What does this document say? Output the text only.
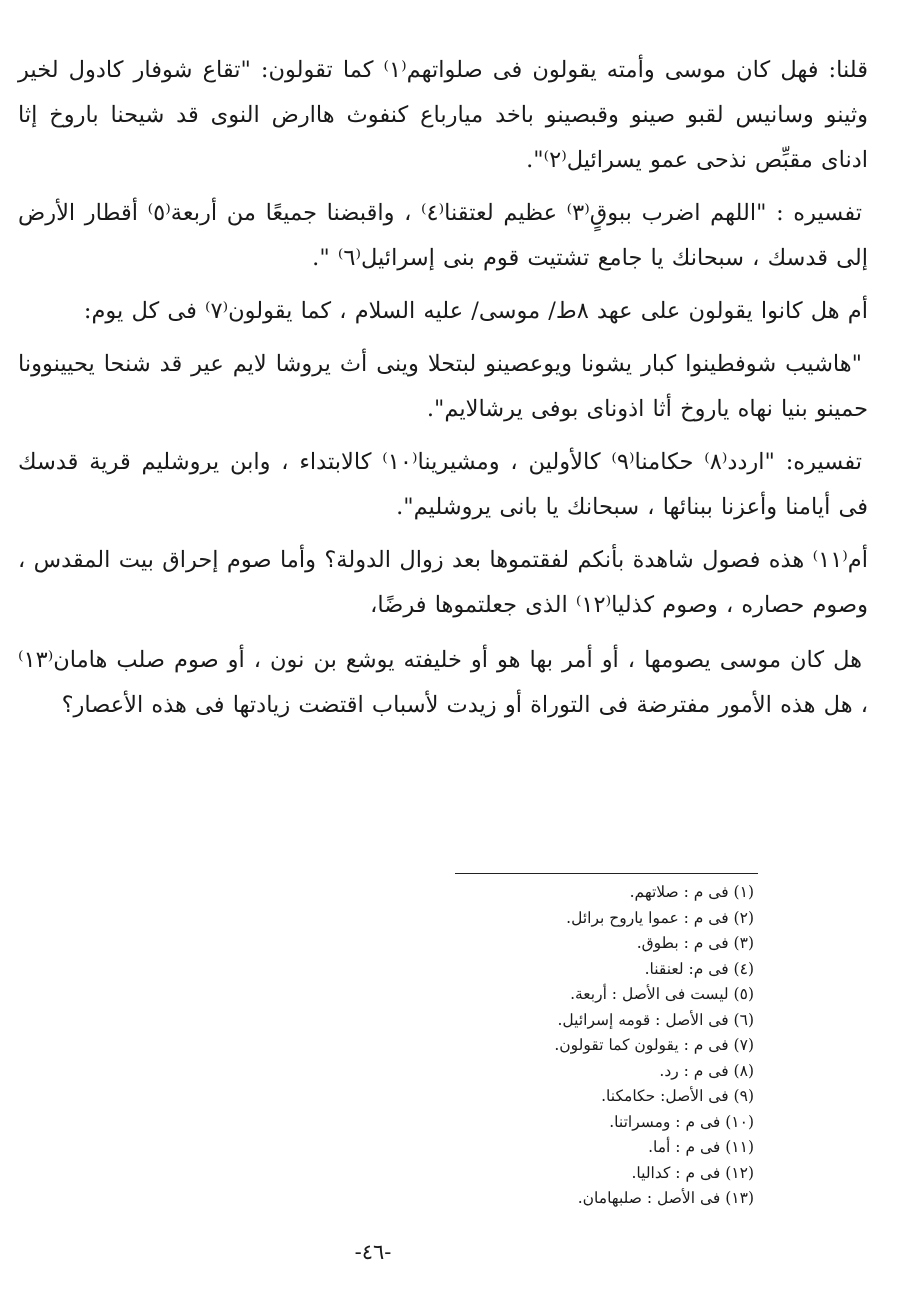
قلنا: فهل كان موسى وأمته يقولون فى صلواتهم⁽١⁾ كما تقولون: "تقاع شوفار كادول لخير وثينو وسانيس لقبو صينو وقبصينو باخد ميارباع كنفوث هاارض النوى قد شيحنا باروخ إثا ادناى مقبِّص نذحى عمو يسرائيل⁽٢⁾".

تفسيره : "اللهم اضرب ببوقٍ⁽٣⁾ عظيم لعتقنا⁽٤⁾ ، واقبضنا جميعًا من أربعة⁽٥⁾ أقطار الأرض إلى قدسك ، سبحانك يا جامع تشتيت قوم بنى إسرائيل⁽٦⁾ ".

أم هل كانوا يقولون على عهد ٨ط/ موسى/ عليه السلام ، كما يقولون⁽٧⁾ فى كل يوم:

"هاشيب شوفطينوا كبار يشونا ويوعصينو لبتحلا وينى أث يروشا لايم عير قد شنحا يحيينوونا حمينو بنيا نهاه ياروخ أثا اذوناى بوفى يرشالايم".

تفسيره: "اردد⁽٨⁾ حكامنا⁽٩⁾ كالأولين ، ومشيرينا⁽١٠⁾ كالابتداء ، وابن يروشليم قرية قدسك فى أيامنا وأعزنا ببنائها ، سبحانك يا بانى يروشليم".

أم⁽١١⁾ هذه فصول شاهدة بأنكم لفقتموها بعد زوال الدولة؟ وأما صوم إحراق بيت المقدس ، وصوم حصاره ، وصوم كذليا⁽١٢⁾ الذى جعلتموها فرضًا،

هل كان موسى يصومها ، أو أمر بها هو أو خليفته يوشع بن نون ، أو صوم صلب هامان⁽١٣⁾ ، هل هذه الأمور مفترضة فى التوراة أو زيدت لأسباب اقتضت زيادتها فى هذه الأعصار؟

(١) فى م : صلاتهم.
(٢) فى م : عموا ياروح برائل.
(٣) فى م : بطوق.
(٤) فى م: لعنقنا.
(٥) ليست فى الأصل : أربعة.
(٦) فى الأصل : قومه إسرائيل.
(٧) فى م : يقولون كما تقولون.
(٨) فى م : رد.
(٩) فى الأصل: حكامكنا.
(١٠) فى م : ومسراتنا.
(١١) فى م : أما.
(١٢) فى م : كداليا.
(١٣) فى الأصل : صلبهامان.
-٤٦-
